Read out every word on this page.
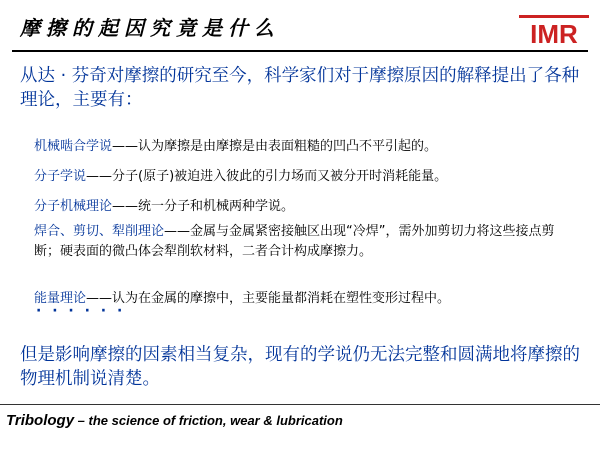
摩擦的起因究竟是什么	IMR
从达 · 芬奇对摩擦的研究至今，科学家们对于摩擦原因的解释提出了各种理论，主要有：
机械啮合学说——认为摩擦是由摩擦是由表面粗糙的凹凸不平引起的。
分子学说——分子(原子)被迫进入彼此的引力场而又被分开时消耗能量。
分子机械理论——统一分子和机械两种学说。
焊合、剪切、犁削理论——金属与金属紧密接触区出现“冷焊”，需外加剪切力将这些接点剪断；硬表面的微凸体会犁削软材料，二者合计构成摩擦力。
能量理论——认为在金属的摩擦中，主要能量都消耗在塑性变形过程中。
· · · · · ·
但是影响摩擦的因素相当复杂，现有的学说仍无法完整和圆满地将摩擦的物理机制说清楚。
Tribology – the science of friction, wear & lubrication
